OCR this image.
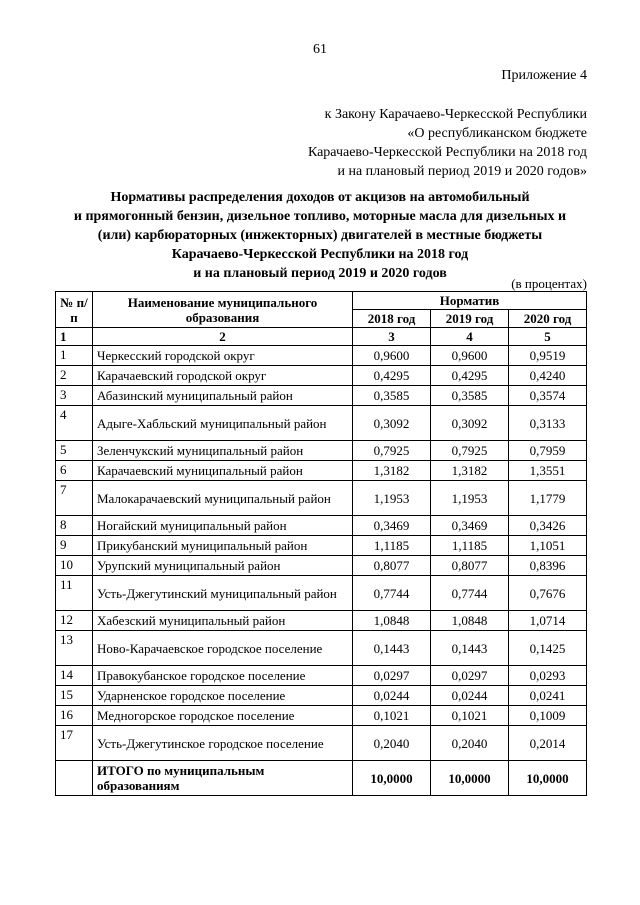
61
Приложение 4
к Закону Карачаево-Черкесской Республики
«О республиканском бюджете
Карачаево-Черкесской Республики на 2018 год
и на плановый период 2019 и 2020 годов»
Нормативы распределения доходов от акцизов на автомобильный
и прямогонный бензин, дизельное топливо, моторные масла для дизельных и
(или) карбюраторных (инжекторных) двигателей в местные бюджеты
Карачаево-Черкесской Республики на 2018 год
и на плановый период 2019 и 2020 годов
(в процентах)
№ п/п	Наименование муниципального образования	Норматив		
		2018 год	2019 год	2020 год
1	2	3	4	5
1	Черкесский городской округ	0,9600	0,9600	0,9519
2	Карачаевский городской округ	0,4295	0,4295	0,4240
3	Абазинский муниципальный район	0,3585	0,3585	0,3574
4	Адыге-Хабльский муниципальный район	0,3092	0,3092	0,3133
5	Зеленчукский муниципальный район	0,7925	0,7925	0,7959
6	Карачаевский муниципальный район	1,3182	1,3182	1,3551
7	Малокарачаевский муниципальный район	1,1953	1,1953	1,1779
8	Ногайский муниципальный район	0,3469	0,3469	0,3426
9	Прикубанский муниципальный район	1,1185	1,1185	1,1051
10	Урупский муниципальный район	0,8077	0,8077	0,8396
11	Усть-Джегутинский муниципальный район	0,7744	0,7744	0,7676
12	Хабезский муниципальный район	1,0848	1,0848	1,0714
13	Ново-Карачаевское городское поселение	0,1443	0,1443	0,1425
14	Правокубанское городское поселение	0,0297	0,0297	0,0293
15	Ударненское городское поселение	0,0244	0,0244	0,0241
16	Медногорское городское поселение	0,1021	0,1021	0,1009
17	Усть-Джегутинское городское поселение	0,2040	0,2040	0,2014
	ИТОГО по муниципальным образованиям	10,0000	10,0000	10,0000
